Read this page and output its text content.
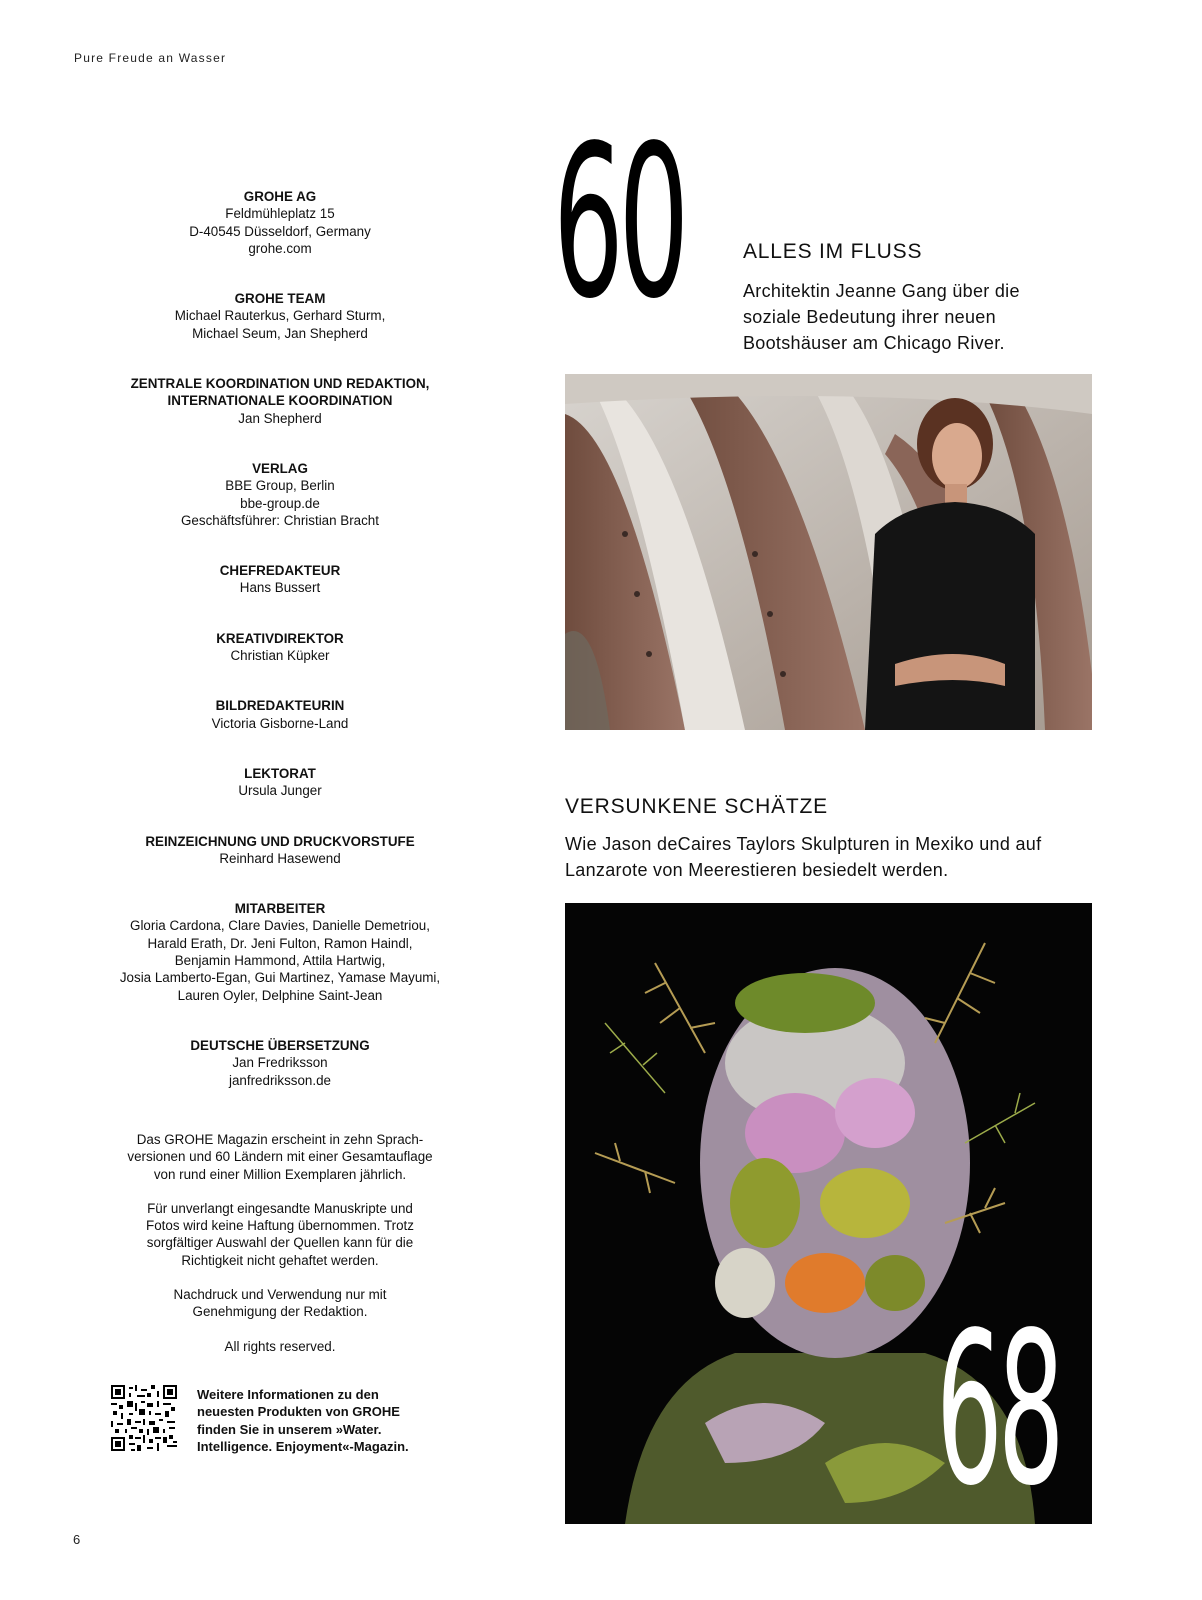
Pure Freude an Wasser
GROHE AG
Feldmühleplatz 15
D-40545 Düsseldorf, Germany
grohe.com
GROHE TEAM
Michael Rauterkus, Gerhard Sturm,
Michael Seum, Jan Shepherd
ZENTRALE KOORDINATION UND REDAKTION,
INTERNATIONALE KOORDINATION
Jan Shepherd
VERLAG
BBE Group, Berlin
bbe-group.de
Geschäftsführer: Christian Bracht
CHEFREDAKTEUR
Hans Bussert
KREATIVDIREKTOR
Christian Küpker
BILDREDAKTEURIN
Victoria Gisborne-Land
LEKTORAT
Ursula Junger
REINZEICHNUNG UND DRUCKVORSTUFE
Reinhard Hasewend
MITARBEITER
Gloria Cardona, Clare Davies, Danielle Demetriou,
Harald Erath, Dr. Jeni Fulton, Ramon Haindl,
Benjamin Hammond, Attila Hartwig,
Josia Lamberto-Egan, Gui Martinez, Yamase Mayumi,
Lauren Oyler, Delphine Saint-Jean
DEUTSCHE ÜBERSETZUNG
Jan Fredriksson
janfredriksson.de

Das GROHE Magazin erscheint in zehn Sprach-
versionen und 60 Ländern mit einer Gesamtauflage
von rund einer Million Exemplaren jährlich.

Für unverlangt eingesandte Manuskripte und
Fotos wird keine Haftung übernommen. Trotz
sorgfältiger Auswahl der Quellen kann für die
Richtigkeit nicht gehaftet werden.

Nachdruck und Verwendung nur mit
Genehmigung der Redaktion.

All rights reserved.

Weitere Informationen zu den
neuesten Produkten von GROHE
finden Sie in unserem »Water.
Intelligence. Enjoyment«-Magazin.
6
60	ALLES IM FLUSS
Architektin Jeanne Gang über die
soziale Bedeutung ihrer neuen
Bootshäuser am Chicago River.
VERSUNKENE SCHÄTZE
Wie Jason deCaires Taylors Skulpturen in Mexiko und auf
Lanzarote von Meerestieren besiedelt werden.
68
